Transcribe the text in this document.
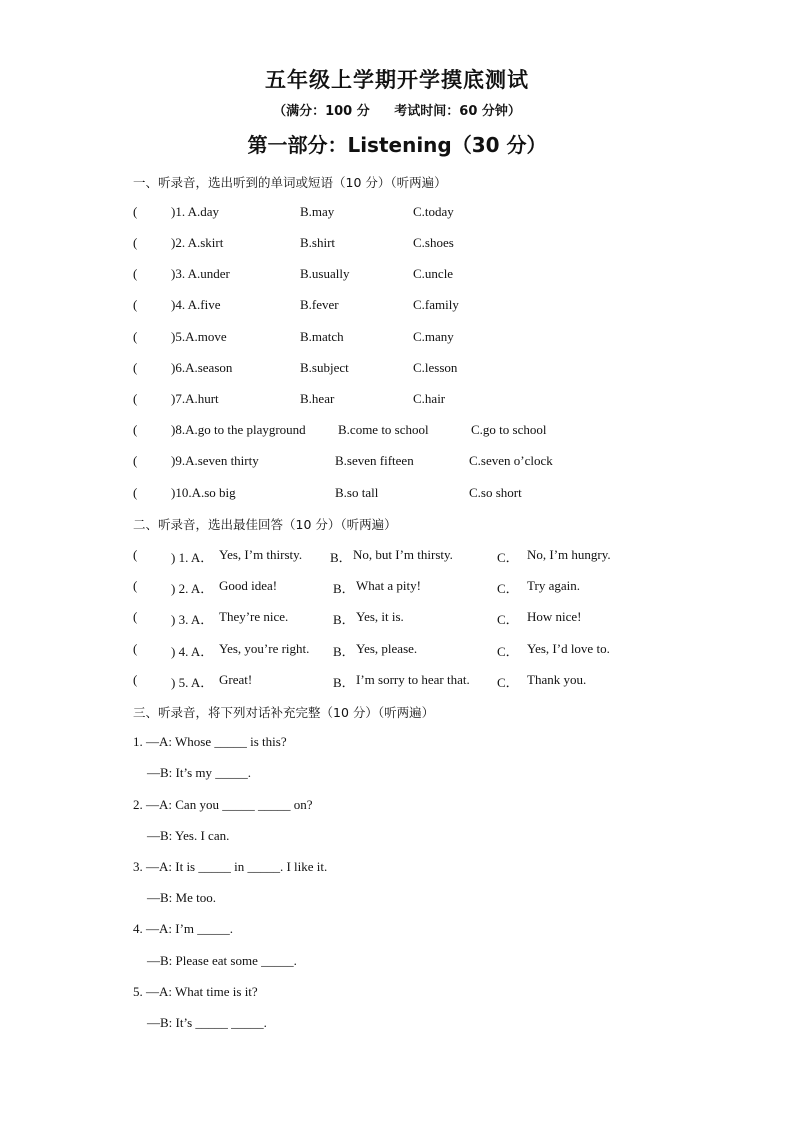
五年级上学期开学摸底测试
（满分：100 分 考试时间：60 分钟）
第一部分：Listening（30 分）
一、听录音，选出听到的单词或短语（10 分）（听两遍）
(	)1. A.day	B.may	C.today
(	)2. A.skirt	B.shirt	C.shoes
(	)3. A.under	B.usually	C.uncle
(	)4. A.five	B.fever	C.family
(	)5.A.move	B.match	C.many
(	)6.A.season	B.subject	C.lesson
(	)7.A.hurt	B.hear	C.hair
(	)8.A.go to the playground B.come to school	C.go to school
(	)9.A.seven thirty	B.seven fifteen	C.seven o’clock
(	)10.A.so big	B.so tall	C.so short
二、听录音，选出最佳回答（10 分）（听两遍）
(	) 1. A． Yes, I’m thirsty. B． No, but I’m thirsty.	C． No, I’m hungry.
(	) 2. A． Good idea!	B． What a pity!	C． Try again.
(	) 3. A． They’re nice.	B． Yes, it is.	C． How nice!
(	) 4. A． Yes, you’re right. B． Yes, please.	C． Yes, I’d love to.
(	) 5. A． Great!	B． I’m sorry to hear that. C． Thank you.
三、听录音，将下列对话补充完整（10 分）（听两遍）
1. —A: Whose _____ is this?
—B: It’s my _____.
2. —A: Can you _____ _____ on?
—B: Yes. I can.
3. —A: It is _____ in _____. I like it.
—B: Me too.
4. —A: I’m _____.
—B: Please eat some _____.
5. —A: What time is it?
—B: It’s _____ _____.
